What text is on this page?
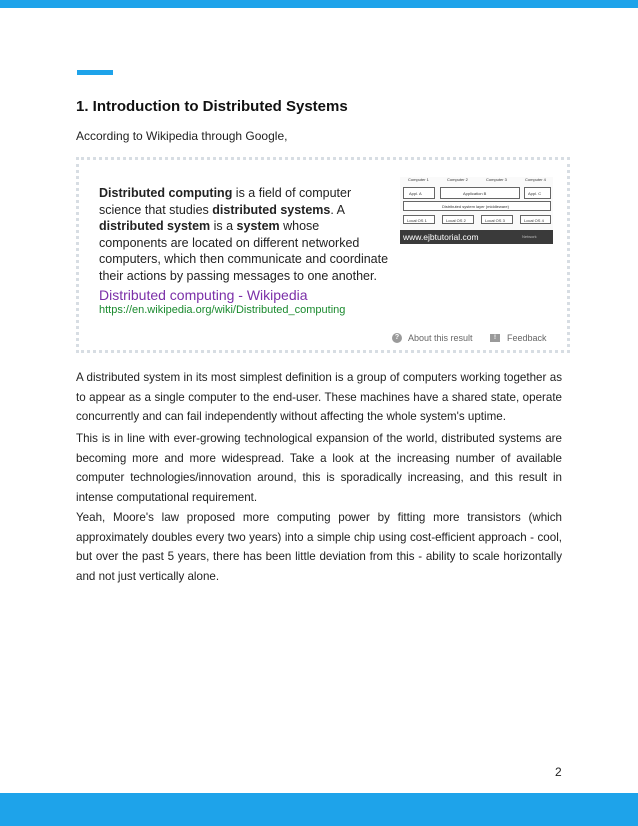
1. Introduction to Distributed Systems
According to Wikipedia through Google,
Distributed computing is a field of computer science that studies distributed systems. A distributed system is a system whose components are located on different networked computers, which then communicate and coordinate their actions by passing messages to one another.
Distributed computing - Wikipedia
https://en.wikipedia.org/wiki/Distributed_computing
Computer 1	Computer 2	Computer 3	Computer 4
Appl. A	Application B	Appl. C
Distributed system layer (middleware)
Local OS 1	Local OS 2	Local OS 3	Local OS 4
Network
www.ejbtutorial.com
? About this result	!	Feedback

A distributed system in its most simplest definition is a group of computers working together as to appear as a single computer to the end-user. These machines have a shared state, operate concurrently and can fail independently without affecting the whole system's uptime.

This is in line with ever-growing technological expansion of the world, distributed systems are becoming more and more widespread. Take a look at the increasing number of available computer technologies/innovation around, this is sporadically increasing, and this result in intense computational requirement.

Yeah, Moore's law proposed more computing power by fitting more transistors (which approximately doubles every two years) into a simple chip using cost-efficient approach - cool, but over the past 5 years, there has been little deviation from this - ability to scale horizontally and not just vertically alone.

2
